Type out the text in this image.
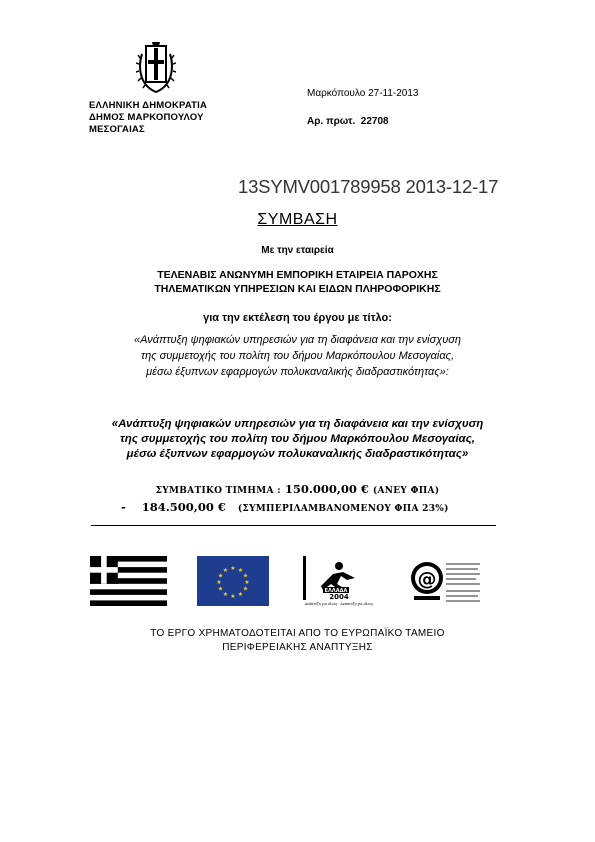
ΕΛΛΗΝΙΚΗ ΔΗΜΟΚΡΑΤΙΑ
ΔΗΜΟΣ ΜΑΡΚΟΠΟΥΛΟΥ
ΜΕΣΟΓΑΙΑΣ
Μαρκόπουλο 27-11-2013
Αρ. πρωτ. 22708
13SYMV001789958 2013-12-17
ΣΥΜΒΑΣΗ
Με την εταιρεία
ΤΕΛΕΝΑΒΙΣ ΑΝΩΝΥΜΗ ΕΜΠΟΡΙΚΗ ΕΤΑΙΡΕΙΑ ΠΑΡΟΧΗΣ
ΤΗΛΕΜΑΤΙΚΩΝ ΥΠΗΡΕΣΙΩΝ ΚΑΙ ΕΙΔΩΝ ΠΛΗΡΟΦΟΡΙΚΗΣ
για την εκτέλεση του έργου με τίτλο:
«Ανάπτυξη ψηφιακών υπηρεσιών για τη διαφάνεια και την ενίσχυση
της συμμετοχής του πολίτη του δήμου Μαρκόπουλου Μεσογαίας,
μέσω έξυπνων εφαρμογών πολυκαναλικής διαδραστικότητας»:
«Ανάπτυξη ψηφιακών υπηρεσιών για τη διαφάνεια και την ενίσχυση
της συμμετοχής του πολίτη του δήμου Μαρκόπουλου Μεσογαίας,
μέσω έξυπνων εφαρμογών πολυκαναλικής διαδραστικότητας»
ΣΥΜΒΑΤΙΚΟ ΤΙΜΗΜΑ : 150.000,00 € (ΑΝΕΥ ΦΠΑ)
- 184.500,00 € (ΣΥΜΠΕΡΙΛΑΜΒΑΝΟΜΕΝΟΥ ΦΠΑ 23%)
★ ★
★
★
★
★
★
★
★
★
★
★
ΕΛΛΑΔΑ
2004
Ανάπτυξη για όλους · Ανάπτυξη για όλους
@
ΤΟ ΕΡΓΟ ΧΡΗΜΑΤΟΔΟΤΕΙΤΑΙ ΑΠΟ ΤΟ ΕΥΡΩΠΑΪΚΟ ΤΑΜΕΙΟ
ΠΕΡΙΦΕΡΕΙΑΚΗΣ ΑΝΑΠΤΥΞΗΣ
